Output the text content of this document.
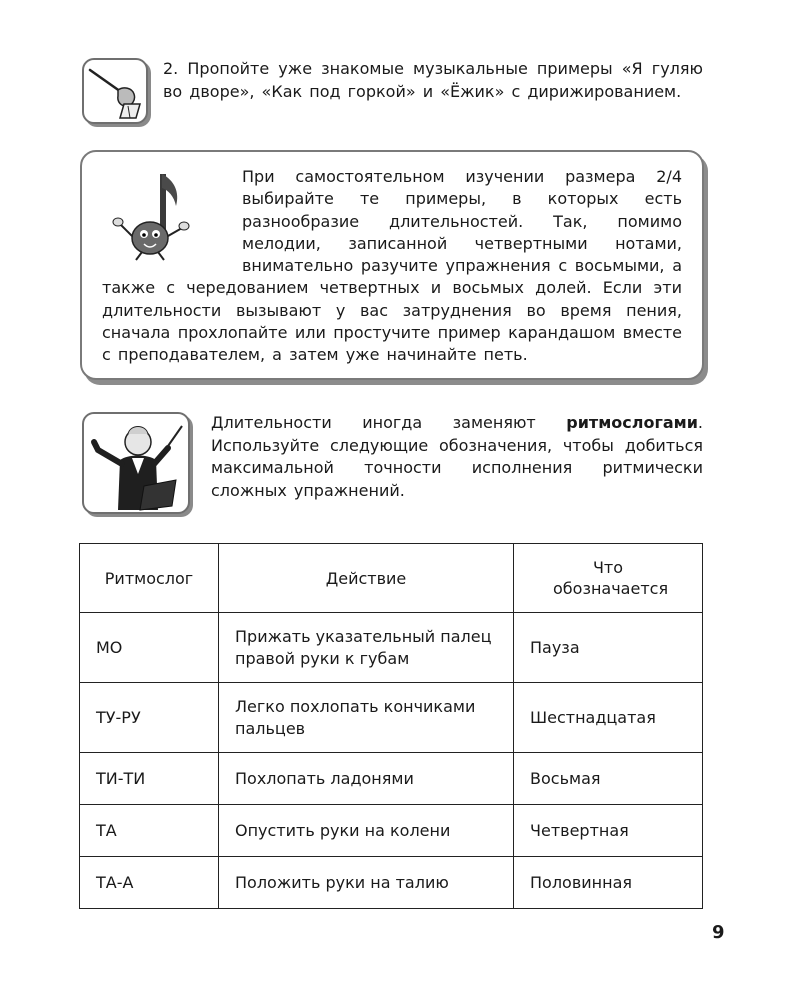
2. Пропойте уже знакомые музыкальные примеры «Я гуляю во дворе», «Как под горкой» и «Ёжик» с дирижированием.

При самостоятельном изучении размера 2/4 выбирайте те примеры, в которых есть разнообразие длительностей. Так, помимо мелодии, записанной четвертными нотами, внимательно разучите упражнения с восьмыми, а также с чередованием четвертных и восьмых долей. Если эти длительности вызывают у вас затруднения во время пения, сначала прохлопайте или простучите пример карандашом вместе с преподавателем, а затем уже начинайте петь.

Длительности иногда заменяют ритмослогами. Используйте следующие обозначения, чтобы добиться максимальной точности исполнения ритмически сложных упражнений.

Ритмослог	Действие	Что обозначается
МО	Прижать указательный палец правой руки к губам	Пауза
ТУ-РУ	Легко похлопать кончиками пальцев	Шестнадцатая
ТИ-ТИ	Похлопать ладонями	Восьмая
ТА	Опустить руки на колени	Четвертная
ТА-А	Положить руки на талию	Половинная
9
